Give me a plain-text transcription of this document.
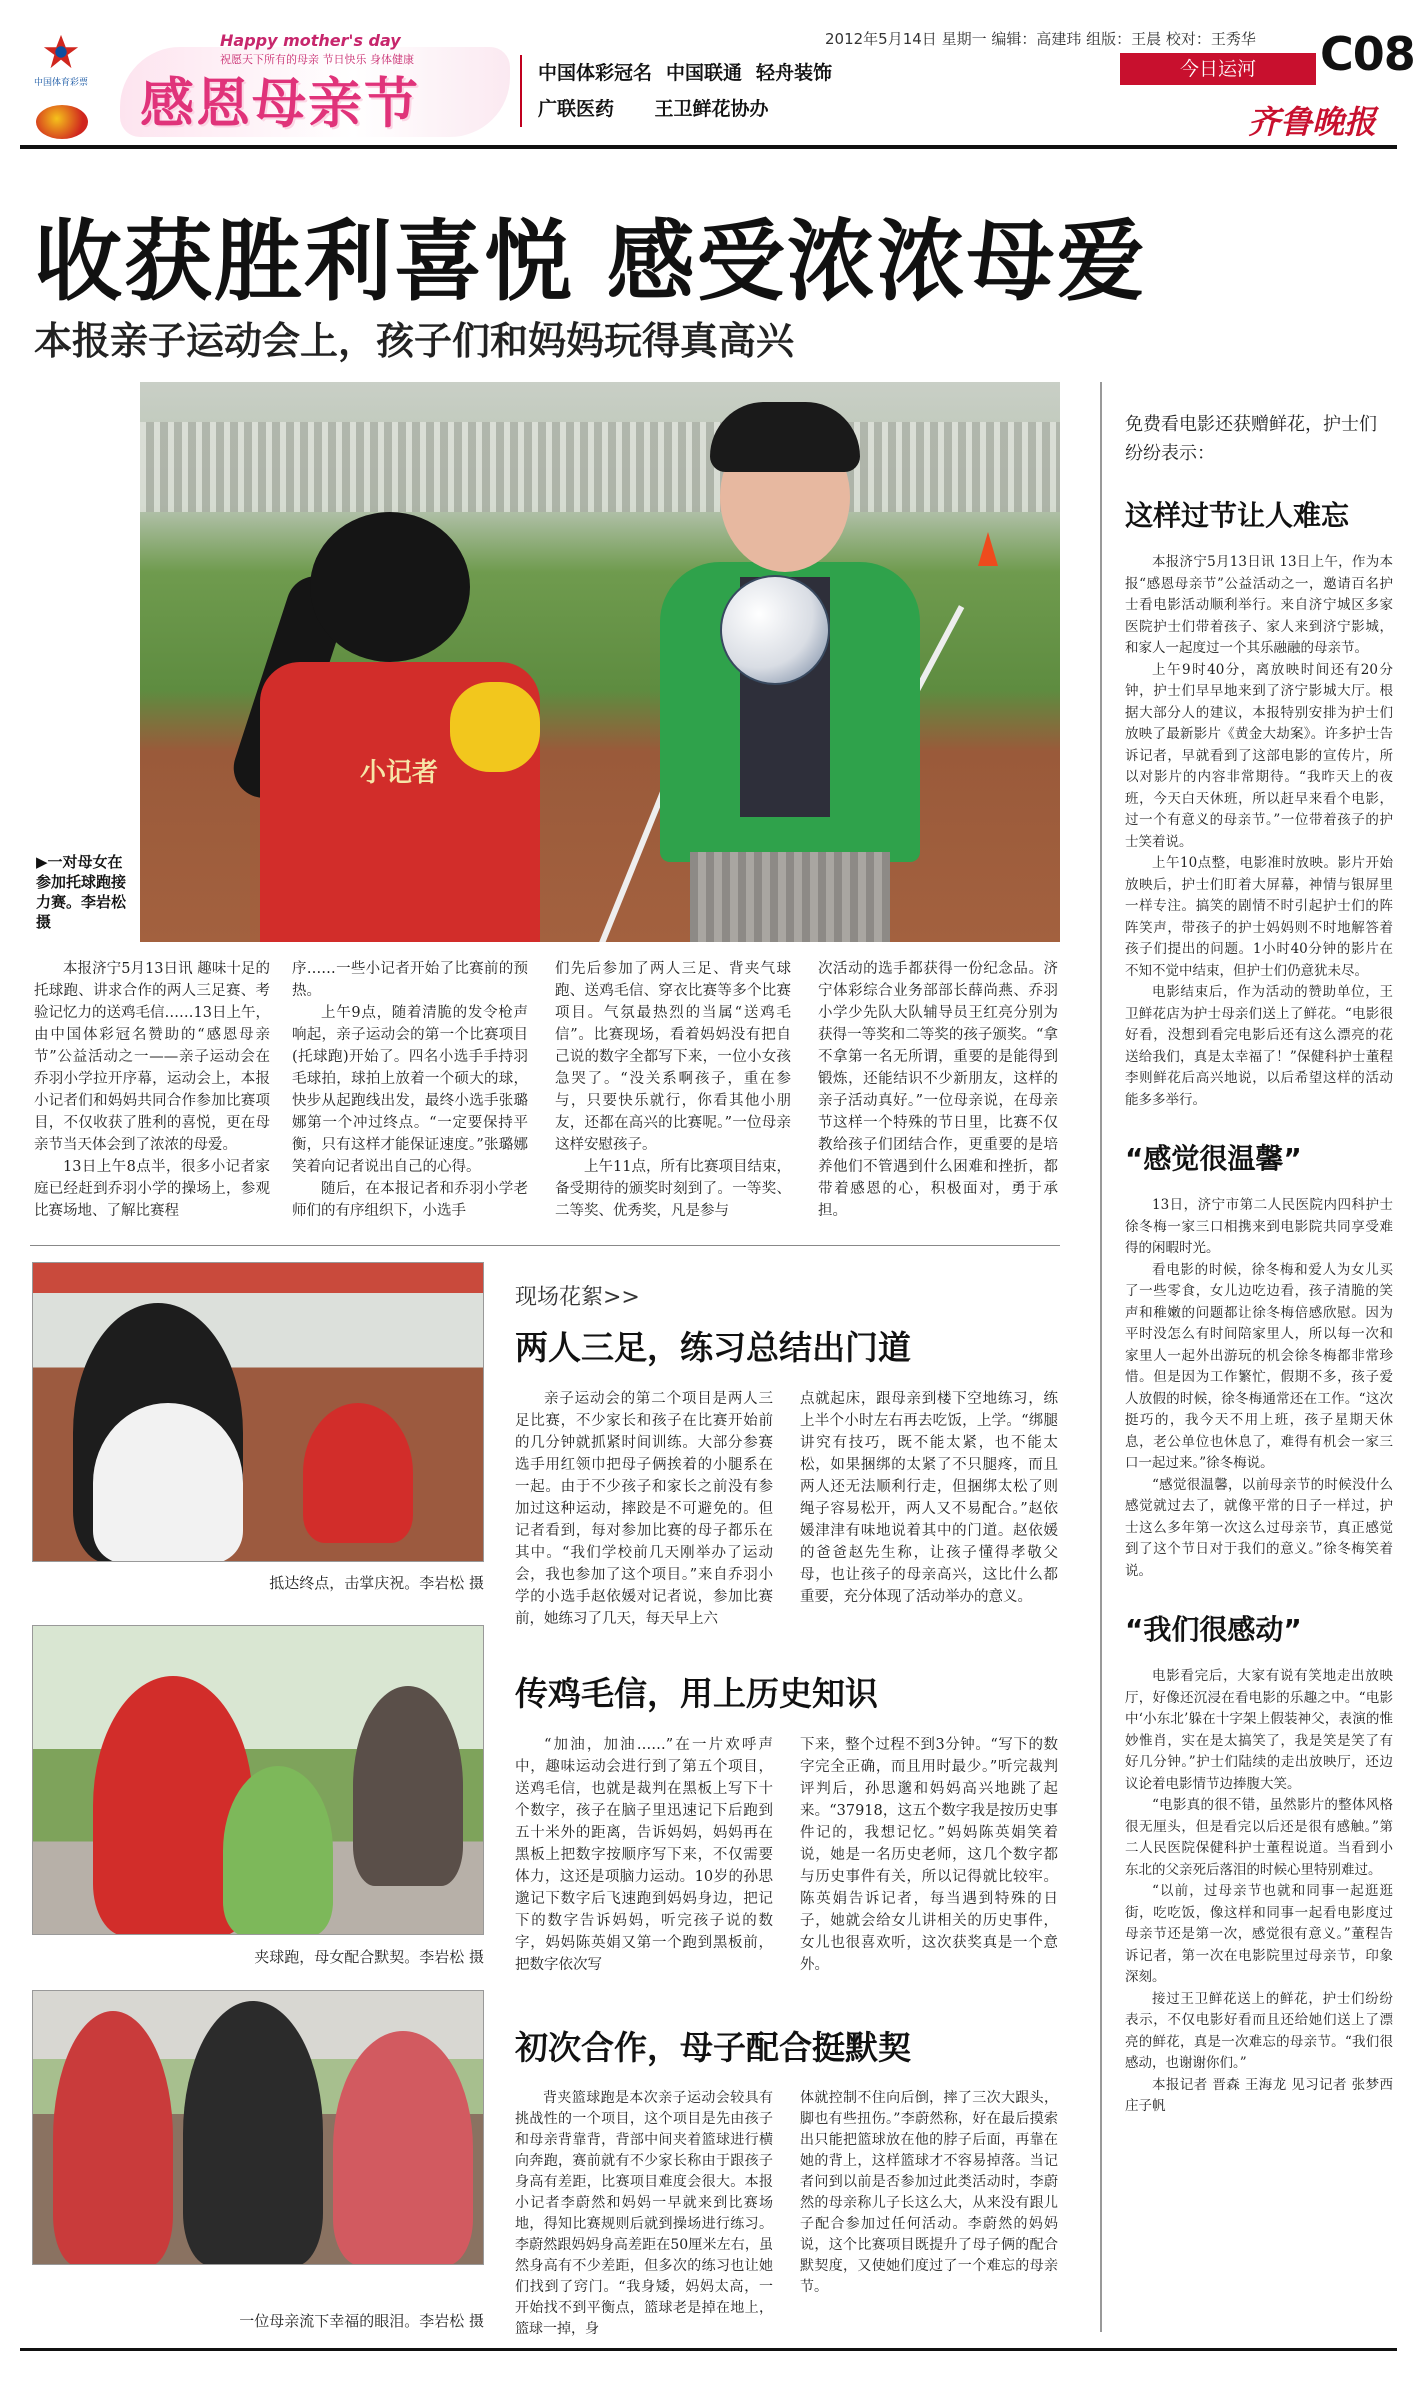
中国体育彩票
Happy mother's day
祝愿天下所有的母亲 节日快乐 身体健康
感恩母亲节	中国体彩冠名 中国联通 轻舟装饰
广联医药 王卫鲜花协办
2012年5月14日 星期一 编辑：高建玮 组版：王晨 校对：王秀华
今日运河	C08
齐鲁晚报
收获胜利喜悦 感受浓浓母爱
本报亲子运动会上，孩子们和妈妈玩得真高兴
小记者
▶一对母女在参加托球跑接力赛。李岩松 摄

本报济宁5月13日讯 趣味十足的托球跑、讲求合作的两人三足赛、考验记忆力的送鸡毛信……13日上午，由中国体彩冠名赞助的“感恩母亲节”公益活动之一——亲子运动会在乔羽小学拉开序幕，运动会上，本报小记者们和妈妈共同合作参加比赛项目，不仅收获了胜利的喜悦，更在母亲节当天体会到了浓浓的母爱。

13日上午8点半，很多小记者家庭已经赶到乔羽小学的操场上，参观比赛场地、了解比赛程

序……一些小记者开始了比赛前的预热。

上午9点，随着清脆的发令枪声响起，亲子运动会的第一个比赛项目(托球跑)开始了。四名小选手手持羽毛球拍，球拍上放着一个硕大的球，快步从起跑线出发，最终小选手张璐娜第一个冲过终点。“一定要保持平衡，只有这样才能保证速度。”张璐娜笑着向记者说出自己的心得。

随后，在本报记者和乔羽小学老师们的有序组织下，小选手

们先后参加了两人三足、背夹气球跑、送鸡毛信、穿衣比赛等多个比赛项目。气氛最热烈的当属“送鸡毛信”。比赛现场，看着妈妈没有把自己说的数字全都写下来，一位小女孩急哭了。“没关系啊孩子，重在参与，只要快乐就行，你看其他小朋友，还都在高兴的比赛呢。”一位母亲这样安慰孩子。

上午11点，所有比赛项目结束，备受期待的颁奖时刻到了。一等奖、二等奖、优秀奖，凡是参与

次活动的选手都获得一份纪念品。济宁体彩综合业务部部长薛尚燕、乔羽小学少先队大队辅导员王红亮分别为获得一等奖和二等奖的孩子颁奖。“拿不拿第一名无所谓，重要的是能得到锻炼，还能结识不少新朋友，这样的亲子活动真好。”一位母亲说，在母亲节这样一个特殊的节日里，比赛不仅教给孩子们团结合作，更重要的是培养他们不管遇到什么困难和挫折，都带着感恩的心，积极面对，勇于承担。

免费看电影还获赠鲜花，护士们纷纷表示：
这样过节让人难忘

本报济宁5月13日讯 13日上午，作为本报“感恩母亲节”公益活动之一，邀请百名护士看电影活动顺利举行。来自济宁城区多家医院护士们带着孩子、家人来到济宁影城，和家人一起度过一个其乐融融的母亲节。

上午9时40分，离放映时间还有20分钟，护士们早早地来到了济宁影城大厅。根据大部分人的建议，本报特别安排为护士们放映了最新影片《黄金大劫案》。许多护士告诉记者，早就看到了这部电影的宣传片，所以对影片的内容非常期待。“我昨天上的夜班，今天白天休班，所以赶早来看个电影，过一个有意义的母亲节。”一位带着孩子的护士笑着说。

上午10点整，电影准时放映。影片开始放映后，护士们盯着大屏幕，神情与银屏里一样专注。搞笑的剧情不时引起护士们的阵阵笑声，带孩子的护士妈妈则不时地解答着孩子们提出的问题。1小时40分钟的影片在不知不觉中结束，但护士们仍意犹未尽。

电影结束后，作为活动的赞助单位，王卫鲜花店为护士母亲们送上了鲜花。“电影很好看，没想到看完电影后还有这么漂亮的花送给我们，真是太幸福了！”保健科护士董程李则鲜花后高兴地说，以后希望这样的活动能多多举行。

“感觉很温馨”

13日，济宁市第二人民医院内四科护士徐冬梅一家三口相携来到电影院共同享受难得的闲暇时光。

看电影的时候，徐冬梅和爱人为女儿买了一些零食，女儿边吃边看，孩子清脆的笑声和稚嫩的问题都让徐冬梅倍感欣慰。因为平时没怎么有时间陪家里人，所以每一次和家里人一起外出游玩的机会徐冬梅都非常珍惜。但是因为工作繁忙，假期不多，孩子爱人放假的时候，徐冬梅通常还在工作。“这次挺巧的，我今天不用上班，孩子星期天休息，老公单位也休息了，难得有机会一家三口一起过来。”徐冬梅说。

“感觉很温馨，以前母亲节的时候没什么感觉就过去了，就像平常的日子一样过，护士这么多年第一次这么过母亲节，真正感觉到了这个节日对于我们的意义。”徐冬梅笑着说。

“我们很感动”

电影看完后，大家有说有笑地走出放映厅，好像还沉浸在看电影的乐趣之中。“电影中‘小东北’躲在十字架上假装神父，表演的惟妙惟肖，实在是太搞笑了，我是笑是笑了有好几分钟。”护士们陆续的走出放映厅，还边议论着电影情节边捧腹大笑。

“电影真的很不错，虽然影片的整体风格很无厘头，但是看完以后还是很有感触。”第二人民医院保健科护士董程说道。当看到小东北的父亲死后落泪的时候心里特别难过。

“以前，过母亲节也就和同事一起逛逛街，吃吃饭，像这样和同事一起看电影度过母亲节还是第一次，感觉很有意义。”董程告诉记者，第一次在电影院里过母亲节，印象深刻。

接过王卫鲜花送上的鲜花，护士们纷纷表示，不仅电影好看而且还给她们送上了漂亮的鲜花，真是一次难忘的母亲节。“我们很感动，也谢谢你们。”

本报记者 晋森 王海龙 见习记者 张梦西 庄子帆

抵达终点，击掌庆祝。李岩松 摄
夹球跑，母女配合默契。李岩松 摄
一位母亲流下幸福的眼泪。李岩松 摄
现场花絮>>
两人三足，练习总结出门道

亲子运动会的第二个项目是两人三足比赛，不少家长和孩子在比赛开始前的几分钟就抓紧时间训练。大部分参赛选手用红领巾把母子俩挨着的小腿系在一起。由于不少孩子和家长之前没有参加过这种运动，摔跤是不可避免的。但记者看到，每对参加比赛的母子都乐在其中。“我们学校前几天刚举办了运动会，我也参加了这个项目。”来自乔羽小学的小选手赵依媛对记者说，参加比赛前，她练习了几天，每天早上六

点就起床，跟母亲到楼下空地练习，练上半个小时左右再去吃饭，上学。“绑腿讲究有技巧，既不能太紧，也不能太松，如果捆绑的太紧了不只腿疼，而且两人还无法顺利行走，但捆绑太松了则绳子容易松开，两人又不易配合。”赵依媛津津有味地说着其中的门道。赵依媛的爸爸赵先生称，让孩子懂得孝敬父母，也让孩子的母亲高兴，这比什么都重要，充分体现了活动举办的意义。

传鸡毛信，用上历史知识

“加油，加油……”在一片欢呼声中，趣味运动会进行到了第五个项目，送鸡毛信，也就是裁判在黑板上写下十个数字，孩子在脑子里迅速记下后跑到五十米外的距离，告诉妈妈，妈妈再在黑板上把数字按顺序写下来，不仅需要体力，这还是项脑力运动。10岁的孙思邈记下数字后飞速跑到妈妈身边，把记下的数字告诉妈妈，听完孩子说的数字，妈妈陈英娟又第一个跑到黑板前，把数字依次写

下来，整个过程不到3分钟。“写下的数字完全正确，而且用时最少。”听完裁判评判后，孙思邈和妈妈高兴地跳了起来。“37918，这五个数字我是按历史事件记的，我想记忆。”妈妈陈英娟笑着说，她是一名历史老师，这几个数字都与历史事件有关，所以记得就比较牢。陈英娟告诉记者，每当遇到特殊的日子，她就会给女儿讲相关的历史事件，女儿也很喜欢听，这次获奖真是一个意外。

初次合作，母子配合挺默契

背夹篮球跑是本次亲子运动会较具有挑战性的一个项目，这个项目是先由孩子和母亲背靠背，背部中间夹着篮球进行横向奔跑，赛前就有不少家长称由于跟孩子身高有差距，比赛项目难度会很大。本报小记者李蔚然和妈妈一早就来到比赛场地，得知比赛规则后就到操场进行练习。李蔚然跟妈妈身高差距在50厘米左右，虽然身高有不少差距，但多次的练习也让她们找到了窍门。“我身矮，妈妈太高，一开始找不到平衡点，篮球老是掉在地上，篮球一掉，身

体就控制不住向后倒，摔了三次大跟头，脚也有些扭伤。”李蔚然称，好在最后摸索出只能把篮球放在他的脖子后面，再靠在她的背上，这样篮球才不容易掉落。当记者问到以前是否参加过此类活动时，李蔚然的母亲称儿子长这么大，从来没有跟儿子配合参加过任何活动。李蔚然的妈妈说，这个比赛项目既提升了母子俩的配合默契度，又使她们度过了一个难忘的母亲节。
